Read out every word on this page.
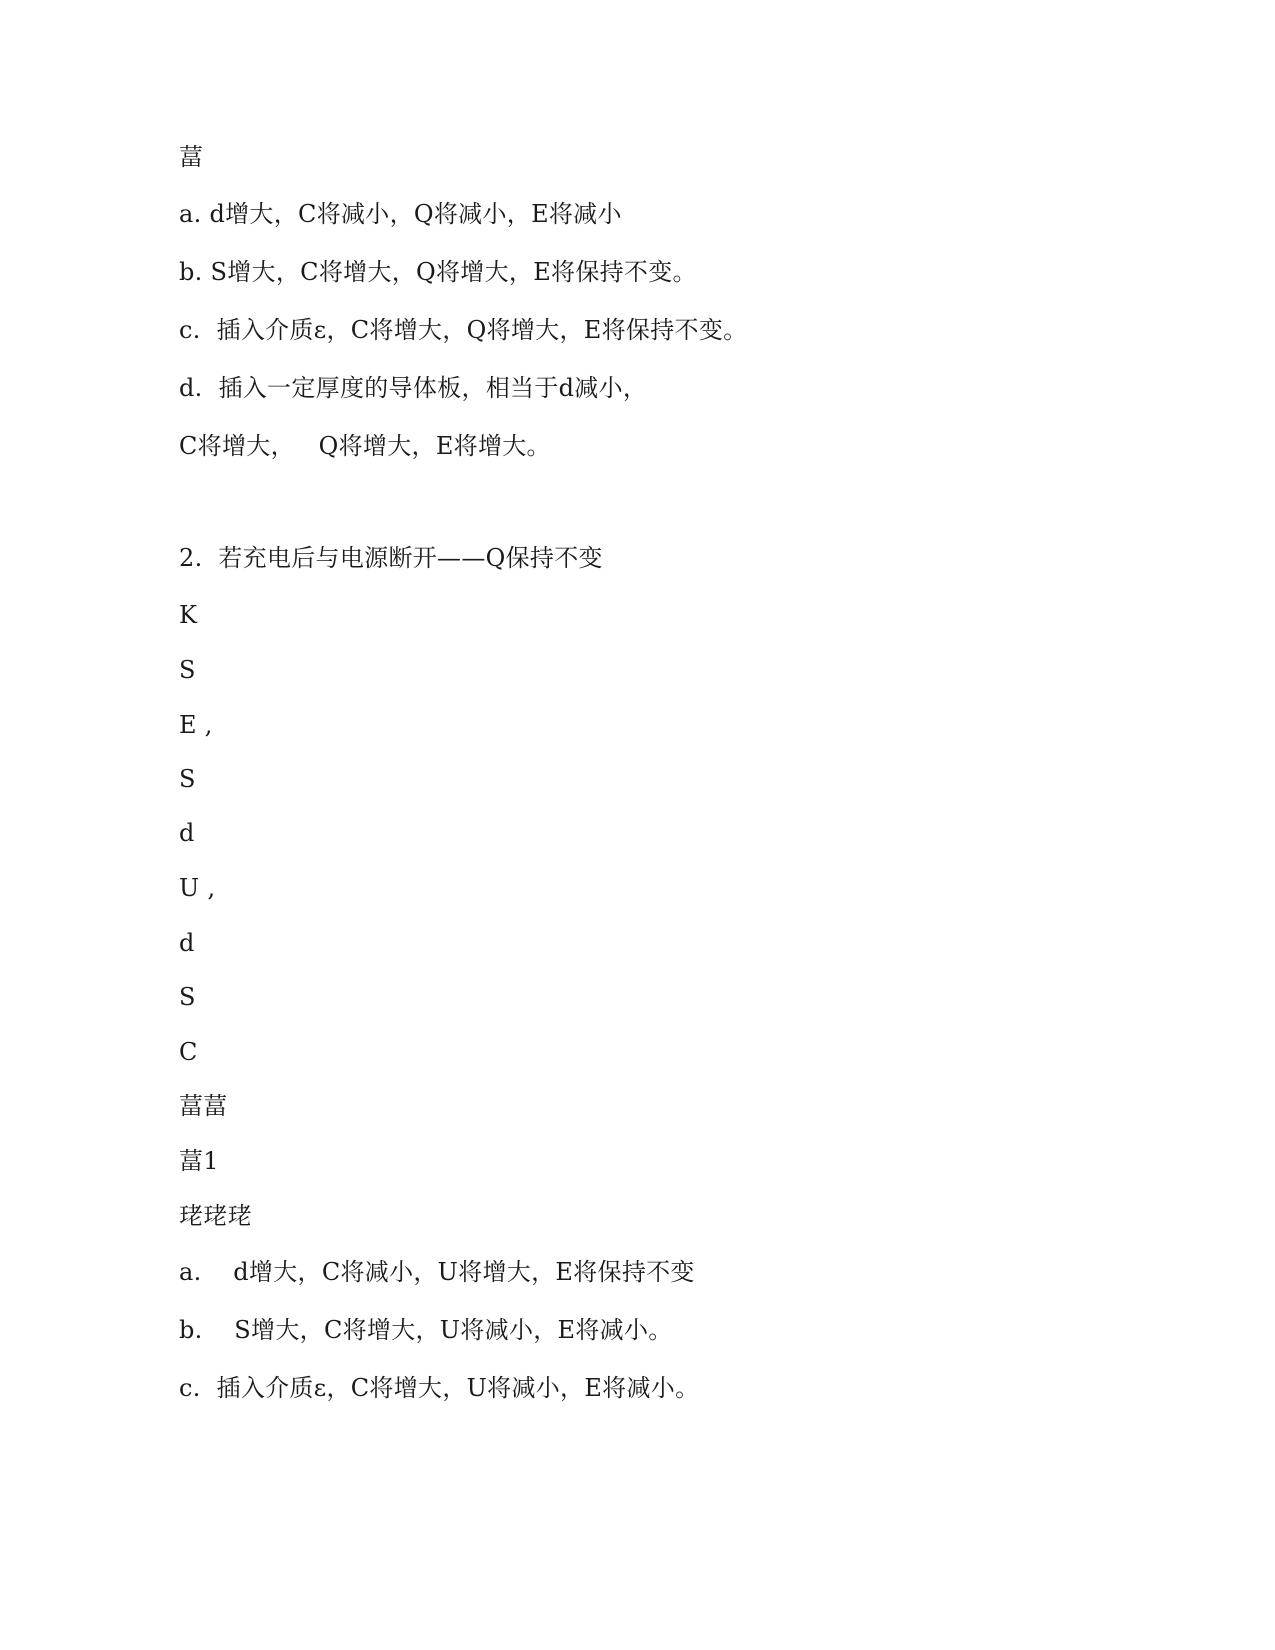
葍
a. d增大，C将减小，Q将减小，E将减小
b. S增大，C将增大，Q将增大，E将保持不变。
c.  插入介质ε，C将增大，Q将增大，E将保持不变。
d.  插入一定厚度的导体板，相当于d减小，
C将增大，   Q将增大，E将增大。
2.  若充电后与电源断开——Q保持不变
K
S
E ,
S
d
U ,
d
S
C
葍葍
葍1
珯珯珯
a.    d增大，C将减小，U将增大，E将保持不变
b.    S增大，C将增大，U将减小，E将减小。
c.  插入介质ε，C将增大，U将减小，E将减小。
